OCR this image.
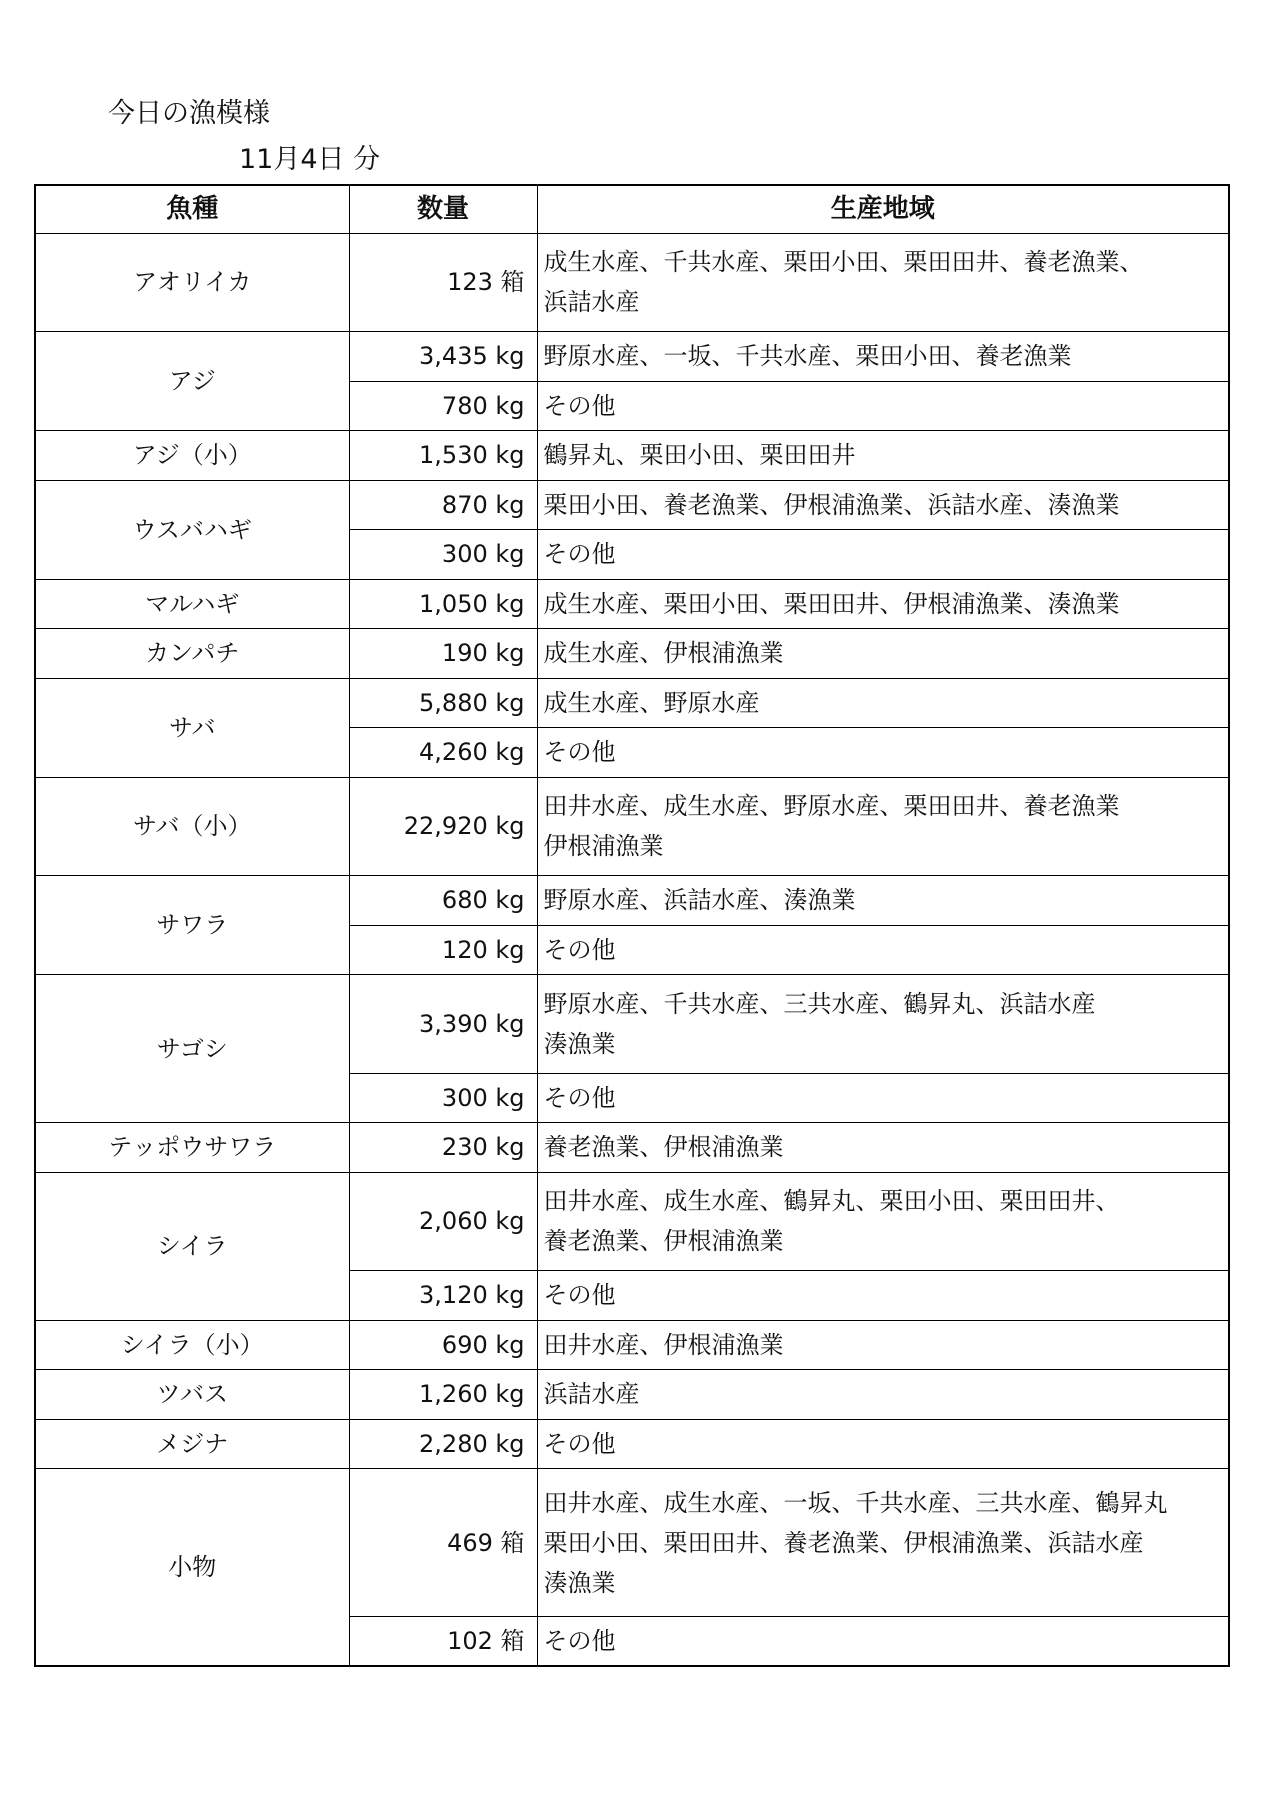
今日の漁模様
11月4日 分
魚種	数量	生産地域
アオリイカ	123 箱	成生水産、千共水産、栗田小田、栗田田井、養老漁業、
浜詰水産

アジ	3,435 kg	野原水産、一坂、千共水産、栗田小田、養老漁業

	780 kg	その他

アジ（小）	1,530 kg	鶴昇丸、栗田小田、栗田田井

ウスバハギ	870 kg	栗田小田、養老漁業、伊根浦漁業、浜詰水産、湊漁業

	300 kg	その他

マルハギ	1,050 kg	成生水産、栗田小田、栗田田井、伊根浦漁業、湊漁業

カンパチ	190 kg	成生水産、伊根浦漁業

サバ	5,880 kg	成生水産、野原水産

	4,260 kg	その他

サバ（小）	22,920 kg	田井水産、成生水産、野原水産、栗田田井、養老漁業
伊根浦漁業

サワラ	680 kg	野原水産、浜詰水産、湊漁業

	120 kg	その他

サゴシ	3,390 kg	野原水産、千共水産、三共水産、鶴昇丸、浜詰水産
湊漁業

	300 kg	その他

テッポウサワラ	230 kg	養老漁業、伊根浦漁業

シイラ	2,060 kg	田井水産、成生水産、鶴昇丸、栗田小田、栗田田井、
養老漁業、伊根浦漁業

	3,120 kg	その他

シイラ（小）	690 kg	田井水産、伊根浦漁業

ツバス	1,260 kg	浜詰水産

メジナ	2,280 kg	その他

小物	469 箱	田井水産、成生水産、一坂、千共水産、三共水産、鶴昇丸
栗田小田、栗田田井、養老漁業、伊根浦漁業、浜詰水産
湊漁業

	102 箱	その他
